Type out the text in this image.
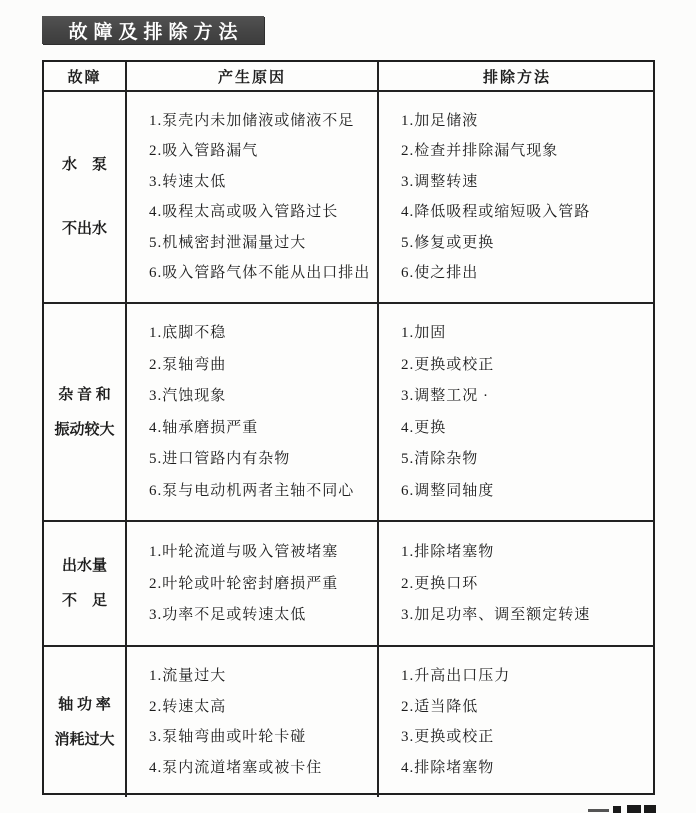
故障及排除方法
故障	产生原因	排除方法
水　泵
不出水
1.泵壳内未加储液或储液不足
2.吸入管路漏气
3.转速太低
4.吸程太高或吸入管路过长
5.机械密封泄漏量过大
6.吸入管路气体不能从出口排出
1.加足储液
2.检查并排除漏气现象
3.调整转速
4.降低吸程或缩短吸入管路
5.修复或更换
6.使之排出
杂 音 和
振动较大
1.底脚不稳
2.泵轴弯曲
3.汽蚀现象
4.轴承磨损严重
5.进口管路内有杂物
6.泵与电动机两者主轴不同心
1.加固
2.更换或校正
3.调整工况 ·
4.更换
5.清除杂物
6.调整同轴度
出水量
不　足
1.叶轮流道与吸入管被堵塞
2.叶轮或叶轮密封磨损严重
3.功率不足或转速太低
1.排除堵塞物
2.更换口环
3.加足功率、调至额定转速
轴 功 率
消耗过大
1.流量过大
2.转速太高
3.泵轴弯曲或叶轮卡碰
4.泵内流道堵塞或被卡住
1.升高出口压力
2.适当降低
3.更换或校正
4.排除堵塞物
